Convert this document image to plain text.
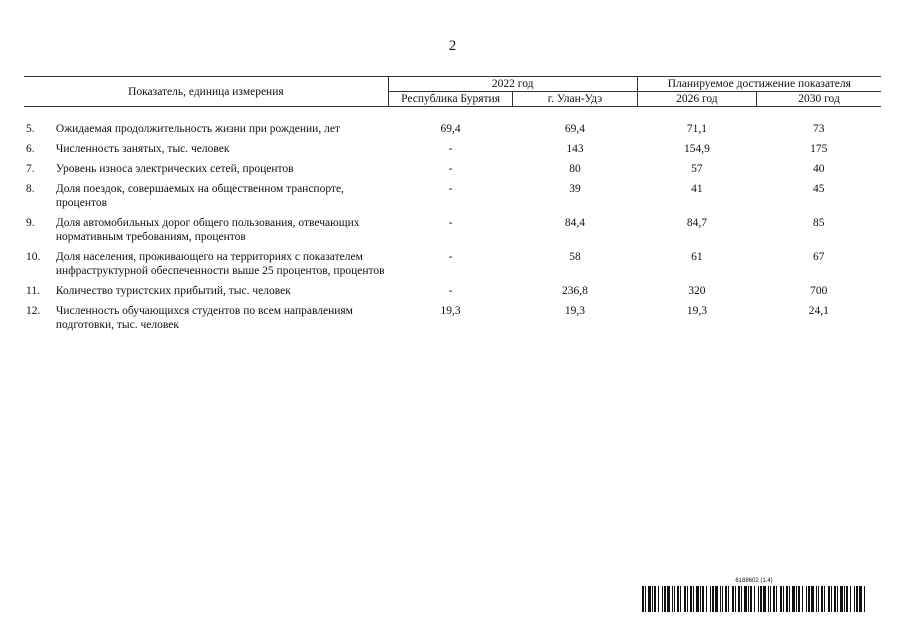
2
Показатель, единица измерения		2022 год		Планируемое достижение показателя	
		Республика Бурятия	г. Улан-Удэ	2026 год	2030 год

5.	Ожидаемая продолжительность жизни при рождении, лет	69,4	69,4	71,1	73
6.	Численность занятых, тыс. человек	-	143	154,9	175
7.	Уровень износа электрических сетей, процентов	-	80	57	40
8.	Доля поездок, совершаемых на общественном транспорте, процентов	-	39	41	45
9.	Доля автомобильных дорог общего пользования, отвечающих нормативным требованиям, процентов	-	84,4	84,7	85
10.	Доля населения, проживающего на территориях с показателем инфраструктурной обеспеченности выше 25 процентов, процентов	-	58	61	67
11.	Количество туристских прибытий, тыс. человек	-	236,8	320	700
12.	Численность обучающихся студентов по всем направлениям подготовки, тыс. человек	19,3	19,3	19,3	24,1
6188602 (1.4)
